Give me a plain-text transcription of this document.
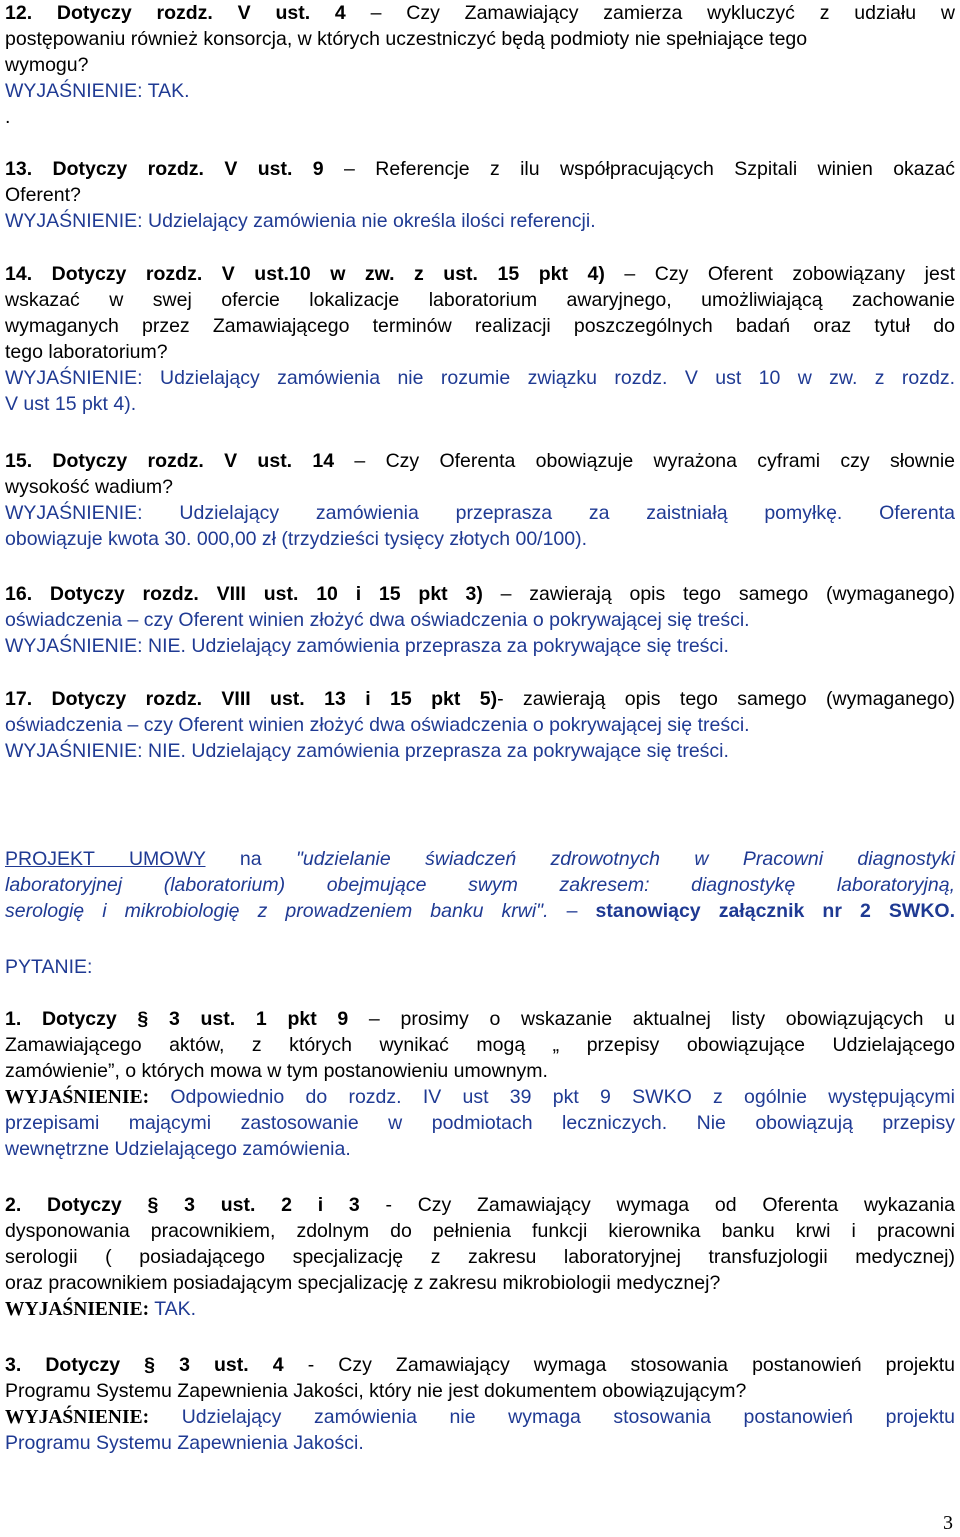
12. Dotyczy rozdz. V ust. 4 – Czy Zamawiający zamierza wykluczyć z udziału w
postępowaniu również konsorcja, w których uczestniczyć będą podmioty nie spełniające tego
wymogu?
WYJAŚNIENIE: TAK.
.
13. Dotyczy rozdz. V ust. 9 – Referencje z ilu współpracujących Szpitali winien okazać
Oferent?
WYJAŚNIENIE: Udzielający zamówienia nie określa ilości referencji.
14. Dotyczy rozdz. V ust.10 w zw. z ust. 15 pkt 4) – Czy Oferent zobowiązany jest
wskazać w swej ofercie lokalizacje laboratorium awaryjnego, umożliwiającą zachowanie
wymaganych przez Zamawiającego terminów realizacji poszczególnych badań oraz tytuł do
tego laboratorium?
WYJAŚNIENIE: Udzielający zamówienia nie rozumie związku rozdz. V ust 10 w zw. z rozdz.
V ust 15 pkt 4).
15. Dotyczy rozdz. V ust. 14 – Czy Oferenta obowiązuje wyrażona cyframi czy słownie
wysokość wadium?
WYJAŚNIENIE: Udzielający zamówienia przeprasza za zaistniałą pomyłkę. Oferenta
obowiązuje kwota 30. 000,00 zł (trzydzieści tysięcy złotych 00/100).
16. Dotyczy rozdz. VIII ust. 10 i 15 pkt 3) – zawierają opis tego samego (wymaganego)
oświadczenia – czy Oferent winien złożyć dwa oświadczenia o pokrywającej się treści.
WYJAŚNIENIE: NIE. Udzielający zamówienia przeprasza za pokrywające się treści.
17. Dotyczy rozdz. VIII ust. 13 i 15 pkt 5)- zawierają opis tego samego (wymaganego)
oświadczenia – czy Oferent winien złożyć dwa oświadczenia o pokrywającej się treści.
WYJAŚNIENIE: NIE. Udzielający zamówienia przeprasza za pokrywające się treści.
PROJEKT UMOWY na "udzielanie świadczeń zdrowotnych w Pracowni diagnostyki
laboratoryjnej (laboratorium) obejmujące swym zakresem: diagnostykę laboratoryjną,
serologię i mikrobiologię z prowadzeniem banku krwi". – stanowiący załącznik nr 2 SWKO.
PYTANIE:
1. Dotyczy § 3 ust. 1 pkt 9 – prosimy o wskazanie aktualnej listy obowiązujących u
Zamawiającego aktów, z których wynikać mogą „ przepisy obowiązujące Udzielającego
zamówienie”, o których mowa w tym postanowieniu umownym.
WYJAŚNIENIE: Odpowiednio do rozdz. IV ust 39 pkt 9 SWKO z ogólnie występującymi
przepisami mającymi zastosowanie w podmiotach leczniczych. Nie obowiązują przepisy
wewnętrzne Udzielającego zamówienia.
2. Dotyczy § 3 ust. 2 i 3 - Czy Zamawiający wymaga od Oferenta wykazania
dysponowania pracownikiem, zdolnym do pełnienia funkcji kierownika banku krwi i pracowni
serologii ( posiadającego specjalizację z zakresu laboratoryjnej transfuzjologii medycznej)
oraz pracownikiem posiadającym specjalizację z zakresu mikrobiologii medycznej?
WYJAŚNIENIE: TAK.
3. Dotyczy § 3 ust. 4 - Czy Zamawiający wymaga stosowania postanowień projektu
Programu Systemu Zapewnienia Jakości, który nie jest dokumentem obowiązującym?
WYJAŚNIENIE: Udzielający zamówienia nie wymaga stosowania postanowień projektu
Programu Systemu Zapewnienia Jakości.
3
